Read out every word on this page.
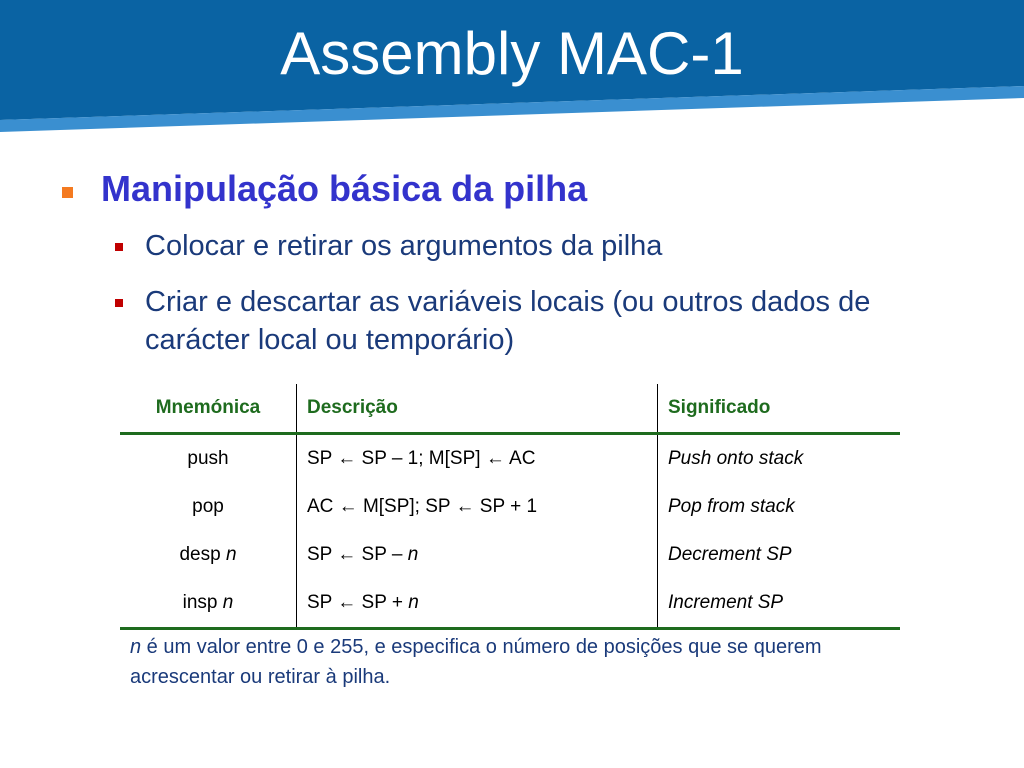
Assembly MAC-1
Manipulação básica da pilha
Colocar e retirar os argumentos da pilha
Criar e descartar as variáveis locais (ou outros dados de carácter local ou temporário)
Mnemónica	Descrição	Significado
push	SP ← SP – 1; M[SP] ← AC	Push onto stack
pop	AC ← M[SP]; SP ← SP + 1	Pop from stack
desp n	SP ← SP – n	Decrement SP
insp n	SP ← SP + n	Increment SP
n é um valor entre 0 e 255, e especifica o número de posições que se querem acrescentar ou retirar à pilha.
